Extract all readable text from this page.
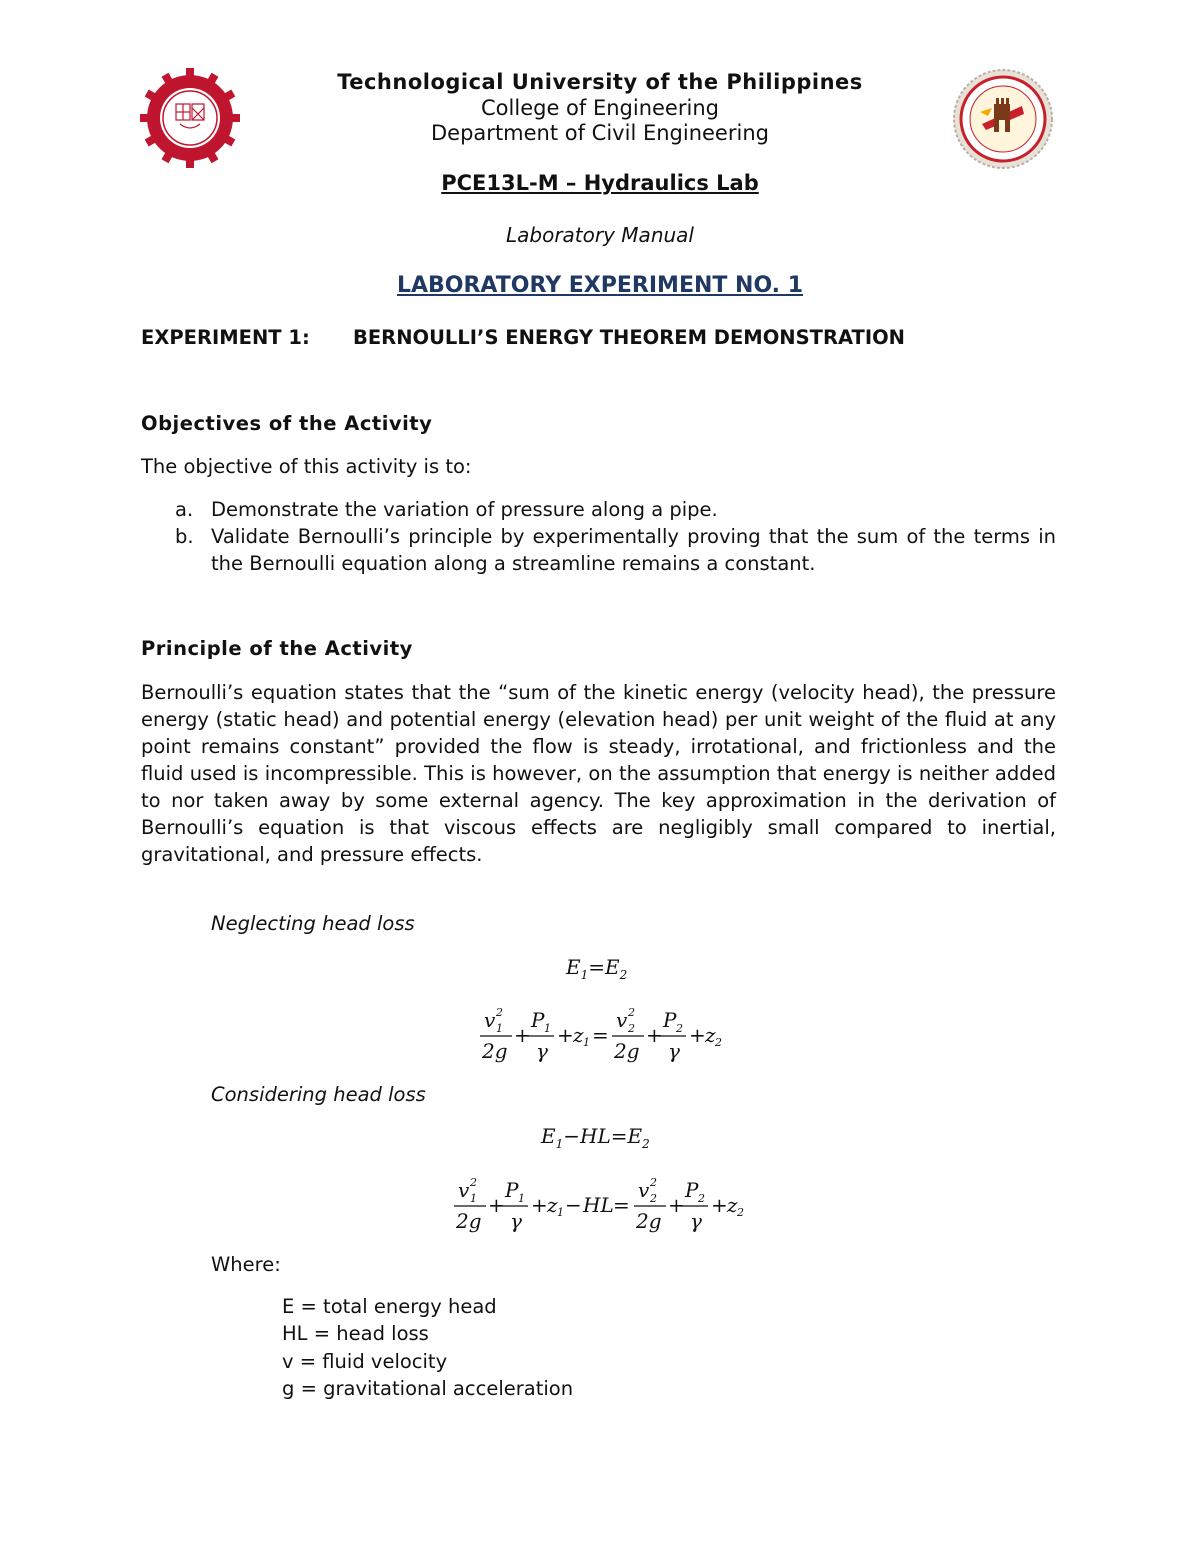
Technological University of the Philippines
College of Engineering
Department of Civil Engineering
PCE13L-M – Hydraulics Lab
Laboratory Manual
LABORATORY EXPERIMENT NO. 1
EXPERIMENT 1: BERNOULLI’S ENERGY THEOREM DEMONSTRATION
Objectives of the Activity
The objective of this activity is to:
a. Demonstrate the variation of pressure along a pipe.
b. Validate Bernoulli’s principle by experimentally proving that the sum of the terms in the Bernoulli equation along a streamline remains a constant.
Principle of the Activity
Bernoulli’s equation states that the “sum of the kinetic energy (velocity head), the pressure energy (static head) and potential energy (elevation head) per unit weight of the fluid at any point remains constant” provided the flow is steady, irrotational, and frictionless and the fluid used is incompressible. This is however, on the assumption that energy is neither added to nor taken away by some external agency. The key approximation in the derivation of Bernoulli’s equation is that viscous effects are negligibly small compared to inertial, gravitational, and pressure effects.
Neglecting head loss
$E_1=E_2$
v 2
1
2g
+
P 1
γ
+ z 1 =
v 2
2
2g
+
P 2
γ
+ z 2
Considering head loss
$E_1-HL=E_2$
v 2
1
2g
+
P 1
γ
+ z 1 − HL =
v 2
2
2g
+
P 2
γ
+ z 2
Where:
E = total energy head
HL = head loss
v = fluid velocity
g = gravitational acceleration
